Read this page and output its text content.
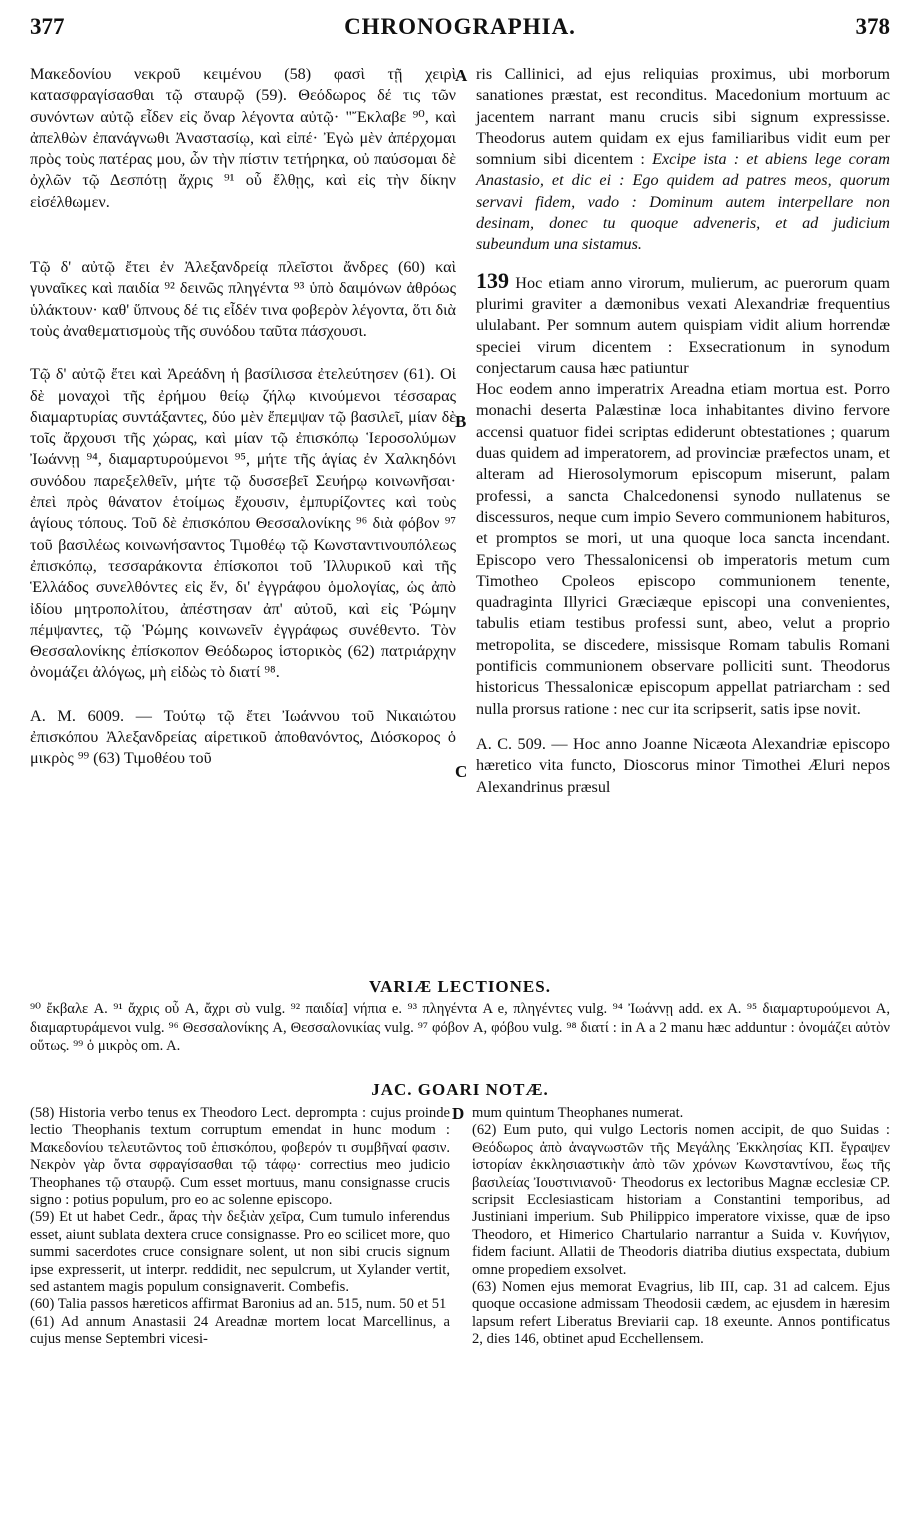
377	CHRONOGRAPHIA.	378
A
B
C
D

Μακεδονίου νεκροῦ κειμένου (58) φασὶ τῇ χειρὶ κατασφραγίσασθαι τῷ σταυρῷ (59). Θεόδωρος δέ τις τῶν συνόντων αὐτῷ εἶδεν εἰς ὄναρ λέγοντα αὐτῷ· "Ἔκλαβε ⁹⁰, καὶ ἀπελθὼν ἐπανάγνωθι Ἀναστασίῳ, καὶ εἰπέ· Ἐγὼ μὲν ἀπέρχομαι πρὸς τοὺς πατέρας μου, ὧν τὴν πίστιν τετήρηκα, οὐ παύσομαι δὲ ὀχλῶν τῷ Δεσπότῃ ἄχρις ⁹¹ οὗ ἔλθῃς, καὶ εἰς τὴν δίκην εἰσέλθωμεν.

Τῷ δ' αὐτῷ ἔτει ἐν Ἀλεξανδρείᾳ πλεῖστοι ἄνδρες (60) καὶ γυναῖκες καὶ παιδία ⁹² δεινῶς πληγέντα ⁹³ ὑπὸ δαιμόνων ἀθρόως ὑλάκτουν· καθ' ὕπνους δέ τις εἶδέν τινα φοβερὸν λέγοντα, ὅτι διὰ τοὺς ἀναθεματισμοὺς τῆς συνόδου ταῦτα πάσχουσι.

Τῷ δ' αὐτῷ ἔτει καὶ Ἀρεάδνη ἡ βασίλισσα ἐτελεύτησεν (61). Οἱ δὲ μοναχοὶ τῆς ἐρήμου θείῳ ζήλῳ κινούμενοι τέσσαρας διαμαρτυρίας συντάξαντες, δύο μὲν ἔπεμψαν τῷ βασιλεῖ, μίαν δὲ τοῖς ἄρχουσι τῆς χώρας, καὶ μίαν τῷ ἐπισκόπῳ Ἱεροσολύμων Ἰωάννῃ ⁹⁴, διαμαρτυρούμενοι ⁹⁵, μήτε τῆς ἁγίας ἐν Χαλκηδόνι συνόδου παρεξελθεῖν, μήτε τῷ δυσσεβεῖ Σευήρῳ κοινωνῆσαι· ἐπεὶ πρὸς θάνατον ἑτοίμως ἔχουσιν, ἐμπυρίζοντες καὶ τοὺς ἁγίους τόπους. Τοῦ δὲ ἐπισκόπου Θεσσαλονίκης ⁹⁶ διὰ φόβον ⁹⁷ τοῦ βασιλέως κοινωνήσαντος Τιμοθέῳ τῷ Κωνσταντινουπόλεως ἐπισκόπῳ, τεσσαράκοντα ἐπίσκοποι τοῦ Ἰλλυρικοῦ καὶ τῆς Ἑλλάδος συνελθόντες εἰς ἕν, δι' ἐγγράφου ὁμολογίας, ὡς ἀπὸ ἰδίου μητροπολίτου, ἀπέστησαν ἀπ' αὐτοῦ, καὶ εἰς Ῥώμην πέμψαντες, τῷ Ῥώμης κοινωνεῖν ἐγγράφως συνέθεντο. Τὸν Θεσσαλονίκης ἐπίσκοπον Θεόδωρος ἱστορικὸς (62) πατριάρχην ὀνομάζει ἀλόγως, μὴ εἰδὼς τὸ διατί ⁹⁸.

A. M. 6009. — Τούτῳ τῷ ἔτει Ἰωάννου τοῦ Νικαιώτου ἐπισκόπου Ἀλεξανδρείας αἱρετικοῦ ἀποθανόντος, Διόσκορος ὁ μικρὸς ⁹⁹ (63) Τιμοθέου τοῦ

ris Callinici, ad ejus reliquias proximus, ubi morborum sanationes præstat, est reconditus. Macedonium mortuum ac jacentem narrant manu crucis sibi signum expressisse. Theodorus autem quidam ex ejus familiaribus vidit eum per somnium sibi dicentem : Excipe ista : et abiens lege coram Anastasio, et dic ei : Ego quidem ad patres meos, quorum servavi fidem, vado : Dominum autem interpellare non desinam, donec tu quoque adveneris, et ad judicium subeundum una sistamus.

139 Hoc etiam anno virorum, mulierum, ac puerorum quam plurimi graviter a dæmonibus vexati Alexandriæ frequentius ululabant. Per somnum autem quispiam vidit alium horrendæ speciei virum dicentem : Exsecrationum in synodum conjectarum causa hæc patiuntur

Hoc eodem anno imperatrix Areadna etiam mortua est. Porro monachi deserta Palæstinæ loca inhabitantes divino fervore accensi quatuor fidei scriptas ediderunt obtestationes ; quarum duas quidem ad imperatorem, ad provinciæ præfectos unam, et alteram ad Hierosolymorum episcopum miserunt, palam professi, a sancta Chalcedonensi synodo nullatenus se discessuros, neque cum impio Severo communionem habituros, et promptos se mori, ut una quoque loca sancta incendant. Episcopo vero Thessalonicensi ob imperatoris metum cum Timotheo Cpoleos episcopo communionem tenente, quadraginta Illyrici Græciæque episcopi una convenientes, tabulis etiam testibus professi sunt, abeo, velut a proprio metropolita, se discedere, missisque Romam tabulis Romani pontificis communionem observare polliciti sunt. Theodorus historicus Thessalonicæ episcopum appellat patriarcham : sed nulla prorsus ratione : nec cur ita scripserit, satis ipse novit.

A. C. 509. — Hoc anno Joanne Nicæota Alexandriæ episcopo hæretico vita functo, Dioscorus minor Timothei Æluri nepos Alexandrinus præsul

VARIÆ LECTIONES.
⁹⁰ ἔκβαλε A. ⁹¹ ἄχρις οὗ A, ἄχρι σὺ vulg. ⁹² παιδία] νήπια e. ⁹³ πληγέντα A e, πληγέντες vulg. ⁹⁴ Ἰωάννῃ add. ex A. ⁹⁵ διαμαρτυρούμενοι A, διαμαρτυράμενοι vulg. ⁹⁶ Θεσσαλονίκης A, Θεσσαλονικίας vulg. ⁹⁷ φόβον A, φόβου vulg. ⁹⁸ διατί : in A a 2 manu hæc adduntur : ὀνομάζει αὐτὸν οὕτως. ⁹⁹ ὁ μικρὸς om. A.
JAC. GOARI NOTÆ.

(58) Historia verbo tenus ex Theodoro Lect. deprompta : cujus proinde lectio Theophanis textum corruptum emendat in hunc modum : Μακεδονίου τελευτῶντος τοῦ ἐπισκόπου, φοβερόν τι συμβῆναί φασιν. Νεκρὸν γὰρ ὄντα σφραγίσασθαι τῷ τάφῳ· correctius meo judicio Theophanes τῷ σταυρῷ. Cum esset mortuus, manu consignasse crucis signo : potius populum, pro eo ac solenne episcopo.

(59) Et ut habet Cedr., ἄρας τὴν δεξιὰν χεῖρα, Cum tumulo inferendus esset, aiunt sublata dextera cruce consignasse. Pro eo scilicet more, quo summi sacerdotes cruce consignare solent, ut non sibi crucis signum ipse expresserit, ut interpr. reddidit, nec sepulcrum, ut Xylander vertit, sed astantem magis populum consignaverit. Combefis.

(60) Talia passos hæreticos affirmat Baronius ad an. 515, num. 50 et 51

(61) Ad annum Anastasii 24 Areadnæ mortem locat Marcellinus, a cujus mense Septembri vicesi-

mum quintum Theophanes numerat.

(62) Eum puto, qui vulgo Lectoris nomen accipit, de quo Suidas : Θεόδωρος ἀπὸ ἀναγνωστῶν τῆς Μεγάλης Ἐκκλησίας ΚΠ. ἔγραψεν ἱστορίαν ἐκκλησιαστικὴν ἀπὸ τῶν χρόνων Κωνσταντίνου, ἕως τῆς βασιλείας Ἰουστινιανοῦ· Theodorus ex lectoribus Magnæ ecclesiæ CP. scripsit Ecclesiasticam historiam a Constantini temporibus, ad Justiniani imperium. Sub Philippico imperatore vixisse, quæ de ipso Theodoro, et Himerico Chartulario narrantur a Suida v. Κυνήγιον, fidem faciunt. Allatii de Theodoris diatriba diutius exspectata, dubium omne propediem exsolvet.

(63) Nomen ejus memorat Evagrius, lib III, cap. 31 ad calcem. Ejus quoque occasione admissam Theodosii cædem, ac ejusdem in hæresim lapsum refert Liberatus Breviarii cap. 18 exeunte. Annos pontificatus 2, dies 146, obtinet apud Ecchellensem.
